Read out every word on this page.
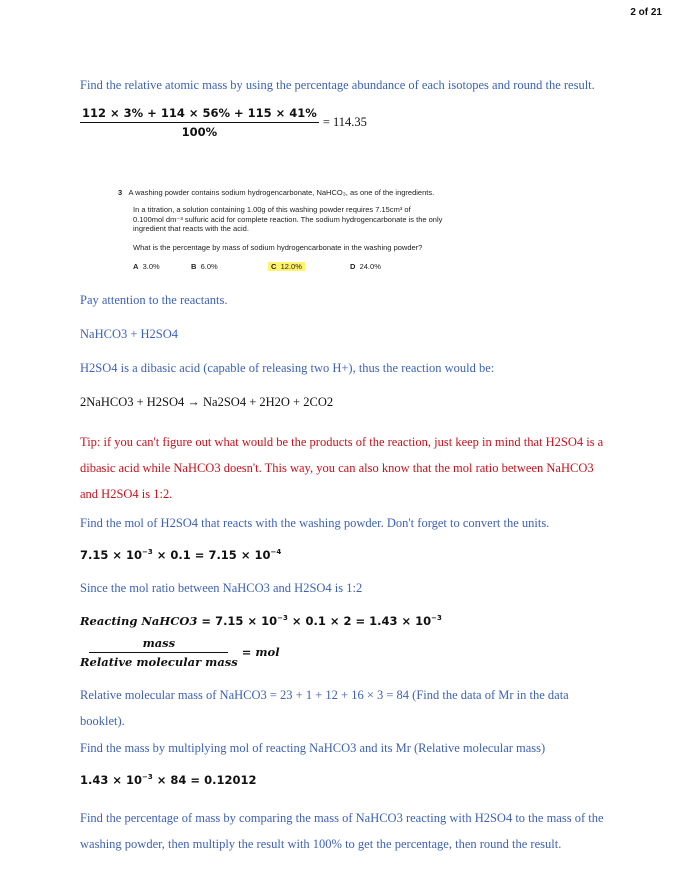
2 of 21
Find the relative atomic mass by using the percentage abundance of each isotopes and round the result.
$\frac{112 \times 3\% + 114 \times 56\% + 115 \times 41\%}{100\%} = 114.35$
3 A washing powder contains sodium hydrogencarbonate, NaHCO₃, as one of the ingredients.
In a titration, a solution containing 1.00g of this washing powder requires 7.15cm³ of
0.100mol dm⁻³ sulfuric acid for complete reaction. The sodium hydrogencarbonate is the only
ingredient that reacts with the acid.
What is the percentage by mass of sodium hydrogencarbonate in the washing powder?
A 3.0%	B 6.0%	C 12.0%	D 24.0%
Pay attention to the reactants.
NaHCO3 + H2SO4
H2SO4 is a dibasic acid (capable of releasing two H+), thus the reaction would be:
2NaHCO3 + H2SO4 → Na2SO4 + 2H2O + 2CO2
Tip: if you can't figure out what would be the products of the reaction, just keep in mind that H2SO4 is a
dibasic acid while NaHCO3 doesn't. This way, you can also know that the mol ratio between NaHCO3
and H2SO4 is 1:2.
Find the mol of H2SO4 that reacts with the washing powder. Don't forget to convert the units.
$7.15 \times 10^{-3} \times 0.1 = 7.15 \times 10^{-4}$
Since the mol ratio between NaHCO3 and H2SO4 is 1:2
Reacting NaHCO3 = $7.15 \times 10^{-3} \times 0.1 \times 2 = 1.43 \times 10^{-3}$
$\frac{\text{mass}}{\text{Relative molecular mass}}$ = mol
Relative molecular mass of NaHCO3 = 23 + 1 + 12 + 16 × 3 = 84 (Find the data of Mr in the data
booklet).
Find the mass by multiplying mol of reacting NaHCO3 and its Mr (Relative molecular mass)
$1.43 \times 10^{-3} \times 84 = 0.12012$
Find the percentage of mass by comparing the mass of NaHCO3 reacting with H2SO4 to the mass of the
washing powder, then multiply the result with 100% to get the percentage, then round the result.
